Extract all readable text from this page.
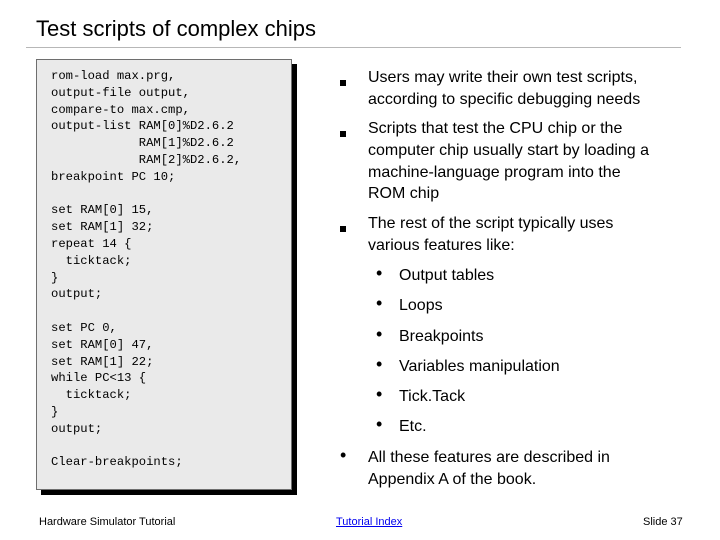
Test scripts of complex chips
rom-load max.prg,
output-file output,
compare-to max.cmp,
output-list RAM[0]%D2.6.2
RAM[1]%D2.6.2
RAM[2]%D2.6.2,
breakpoint PC 10;

set RAM[0] 15,
set RAM[1] 32;
repeat 14 {
ticktack;
}
output;

set PC 0,
set RAM[0] 47,
set RAM[1] 22;
while PC<13 {
ticktack;
}
output;

Clear-breakpoints;
Users may write their own test scripts,
according to specific debugging needs
Scripts that test the CPU chip or the
computer chip usually start by loading a
machine-language program into the
ROM chip
The rest of the script typically uses
various features like:
• Output tables
• Loops
• Breakpoints
• Variables manipulation
• Tick.Tack
• Etc.
• All these features are described in
Appendix A of the book.
Hardware Simulator Tutorial	Tutorial Index	Slide 37
